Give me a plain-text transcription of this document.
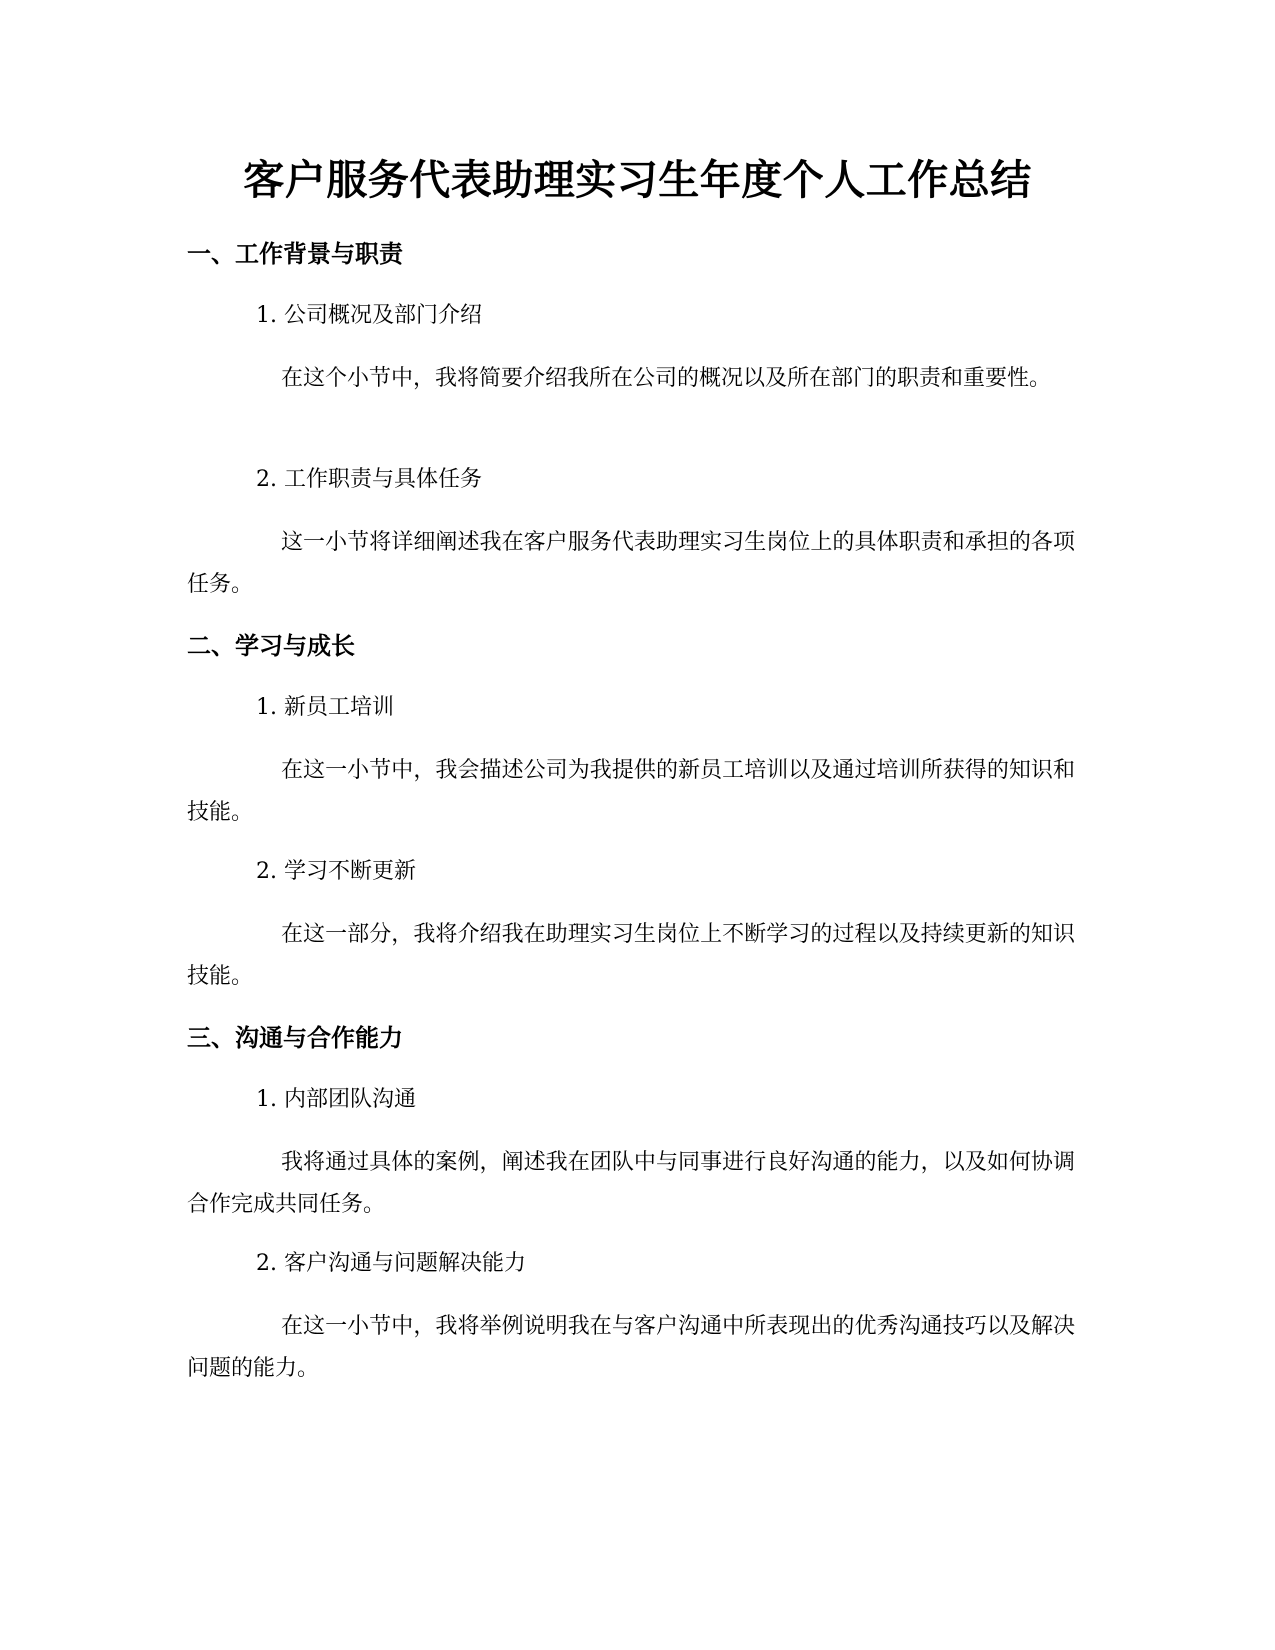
客户服务代表助理实习生年度个人工作总结
一、工作背景与职责

1. 公司概况及部门介绍

在这个小节中，我将简要介绍我所在公司的概况以及所在部门的职责和重要性。

2. 工作职责与具体任务

这一小节将详细阐述我在客户服务代表助理实习生岗位上的具体职责和承担的各项任务。

二、学习与成长

1. 新员工培训

在这一小节中，我会描述公司为我提供的新员工培训以及通过培训所获得的知识和技能。

2. 学习不断更新

在这一部分，我将介绍我在助理实习生岗位上不断学习的过程以及持续更新的知识技能。

三、沟通与合作能力

1. 内部团队沟通

我将通过具体的案例，阐述我在团队中与同事进行良好沟通的能力，以及如何协调合作完成共同任务。

2. 客户沟通与问题解决能力

在这一小节中，我将举例说明我在与客户沟通中所表现出的优秀沟通技巧以及解决问题的能力。
